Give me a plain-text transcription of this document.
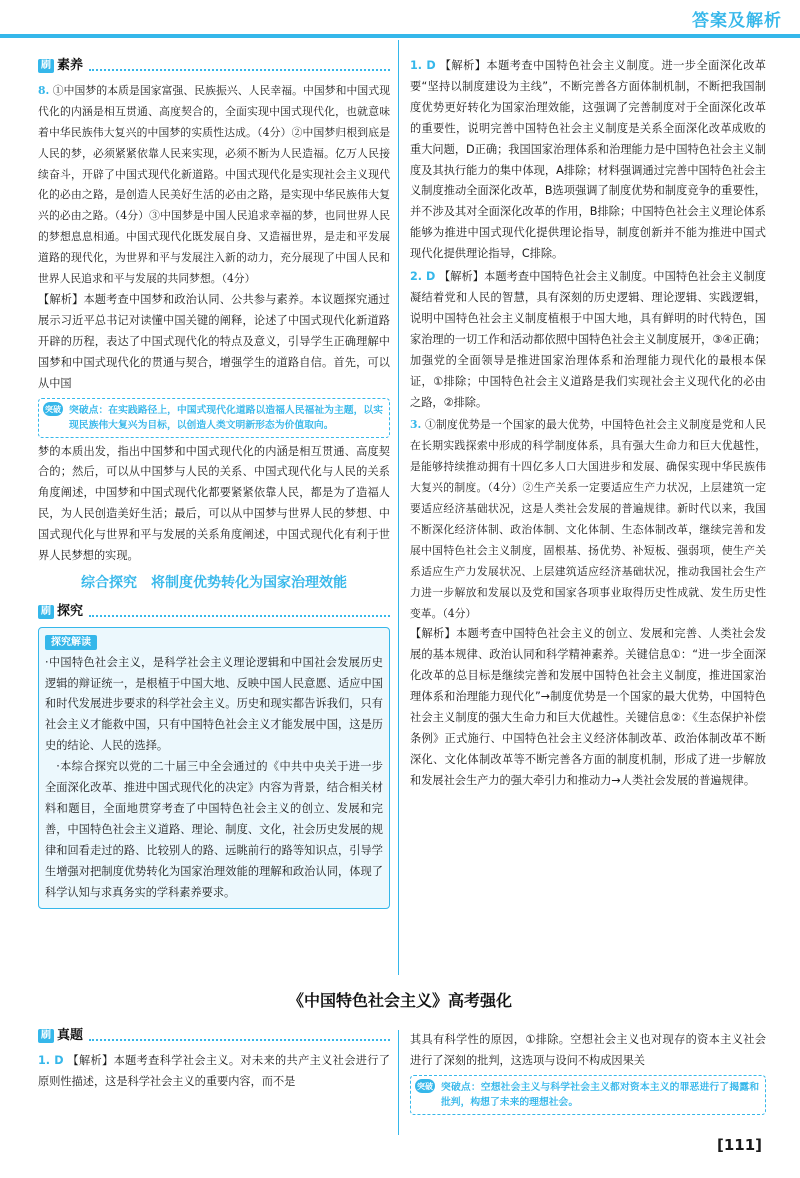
答案及解析
刷 素养

8. ①中国梦的本质是国家富强、民族振兴、人民幸福。中国梦和中国式现代化的内涵是相互贯通、高度契合的，全面实现中国式现代化，也就意味着中华民族伟大复兴的中国梦的实质性达成。（4分）②中国梦归根到底是人民的梦，必须紧紧依靠人民来实现，必须不断为人民造福。亿万人民接续奋斗，开辟了中国式现代化新道路。中国式现代化是实现社会主义现代化的必由之路，是创造人民美好生活的必由之路，是实现中华民族伟大复兴的必由之路。（4分）③中国梦是中国人民追求幸福的梦，也同世界人民的梦想息息相通。中国式现代化既发展自身、又造福世界，是走和平发展道路的现代化，为世界和平与发展注入新的动力，充分展现了中国人民和世界人民追求和平与发展的共同梦想。（4分）

【解析】本题考查中国梦和政治认同、公共参与素养。本议题探究通过展示习近平总书记对读懂中国关键的阐释，论述了中国式现代化新道路开辟的历程，表达了中国式现代化的特点及意义，引导学生正确理解中国梦和中国式现代化的贯通与契合，增强学生的道路自信。首先，可以从中国

突破点
突破点：在实践路径上，中国式现代化道路以造福人民福祉为主题，以实现民族伟大复兴为目标，以创造人类文明新形态为价值取向。

梦的本质出发，指出中国梦和中国式现代化的内涵是相互贯通、高度契合的；然后，可以从中国梦与人民的关系、中国式现代化与人民的关系角度阐述，中国梦和中国式现代化都要紧紧依靠人民，都是为了造福人民，为人民创造美好生活；最后，可以从中国梦与世界人民的梦想、中国式现代化与世界和平与发展的关系角度阐述，中国式现代化有利于世界人民梦想的实现。

综合探究　将制度优势转化为国家治理效能
刷 探究
探究解读

·中国特色社会主义，是科学社会主义理论逻辑和中国社会发展历史逻辑的辩证统一，是根植于中国大地、反映中国人民意愿、适应中国和时代发展进步要求的科学社会主义。历史和现实都告诉我们，只有社会主义才能救中国，只有中国特色社会主义才能发展中国，这是历史的结论、人民的选择。

·本综合探究以党的二十届三中全会通过的《中共中央关于进一步全面深化改革、推进中国式现代化的决定》内容为背景，结合相关材料和题目，全面地贯穿考查了中国特色社会主义的创立、发展和完善，中国特色社会主义道路、理论、制度、文化，社会历史发展的规律和回看走过的路、比较别人的路、远眺前行的路等知识点，引导学生增强对把制度优势转化为国家治理效能的理解和政治认同，体现了科学认知与求真务实的学科素养要求。

1. D 【解析】本题考查中国特色社会主义制度。进一步全面深化改革要“坚持以制度建设为主线”，不断完善各方面体制机制，不断把我国制度优势更好转化为国家治理效能，这强调了完善制度对于全面深化改革的重要性，说明完善中国特色社会主义制度是关系全面深化改革成败的重大问题，D正确；我国国家治理体系和治理能力是中国特色社会主义制度及其执行能力的集中体现，A排除；材料强调通过完善中国特色社会主义制度推动全面深化改革，B选项强调了制度优势和制度竞争的重要性，并不涉及其对全面深化改革的作用，B排除；中国特色社会主义理论体系能够为推进中国式现代化提供理论指导，制度创新并不能为推进中国式现代化提供理论指导，C排除。

2. D 【解析】本题考查中国特色社会主义制度。中国特色社会主义制度凝结着党和人民的智慧，具有深刻的历史逻辑、理论逻辑、实践逻辑，说明中国特色社会主义制度植根于中国大地，具有鲜明的时代特色，国家治理的一切工作和活动都依照中国特色社会主义制度展开，③④正确；加强党的全面领导是推进国家治理体系和治理能力现代化的最根本保证，①排除；中国特色社会主义道路是我们实现社会主义现代化的必由之路，②排除。

3. ①制度优势是一个国家的最大优势，中国特色社会主义制度是党和人民在长期实践探索中形成的科学制度体系，具有强大生命力和巨大优越性，是能够持续推动拥有十四亿多人口大国进步和发展、确保实现中华民族伟大复兴的制度。（4分）②生产关系一定要适应生产力状况，上层建筑一定要适应经济基础状况，这是人类社会发展的普遍规律。新时代以来，我国不断深化经济体制、政治体制、文化体制、生态体制改革，继续完善和发展中国特色社会主义制度，固根基、扬优势、补短板、强弱项，使生产关系适应生产力发展状况、上层建筑适应经济基础状况，推动我国社会生产力进一步解放和发展以及党和国家各项事业取得历史性成就、发生历史性变革。（4分）

【解析】本题考查中国特色社会主义的创立、发展和完善、人类社会发展的基本规律、政治认同和科学精神素养。关键信息①：“进一步全面深化改革的总目标是继续完善和发展中国特色社会主义制度，推进国家治理体系和治理能力现代化”→制度优势是一个国家的最大优势，中国特色社会主义制度的强大生命力和巨大优越性。关键信息②：《生态保护补偿条例》正式施行、中国特色社会主义经济体制改革、政治体制改革不断深化、文化体制改革等不断完善各方面的制度机制，形成了进一步解放和发展社会生产力的强大牵引力和推动力→人类社会发展的普遍规律。

《中国特色社会主义》高考强化
刷 真题

1. D 【解析】本题考查科学社会主义。对未来的共产主义社会进行了原则性描述，这是科学社会主义的重要内容，而不是

其具有科学性的原因，①排除。空想社会主义也对现存的资本主义社会进行了深刻的批判，这选项与设问不构成因果关

突破点
突破点：空想社会主义与科学社会主义都对资本主义的罪恶进行了揭露和批判，构想了未来的理想社会。
[111]
